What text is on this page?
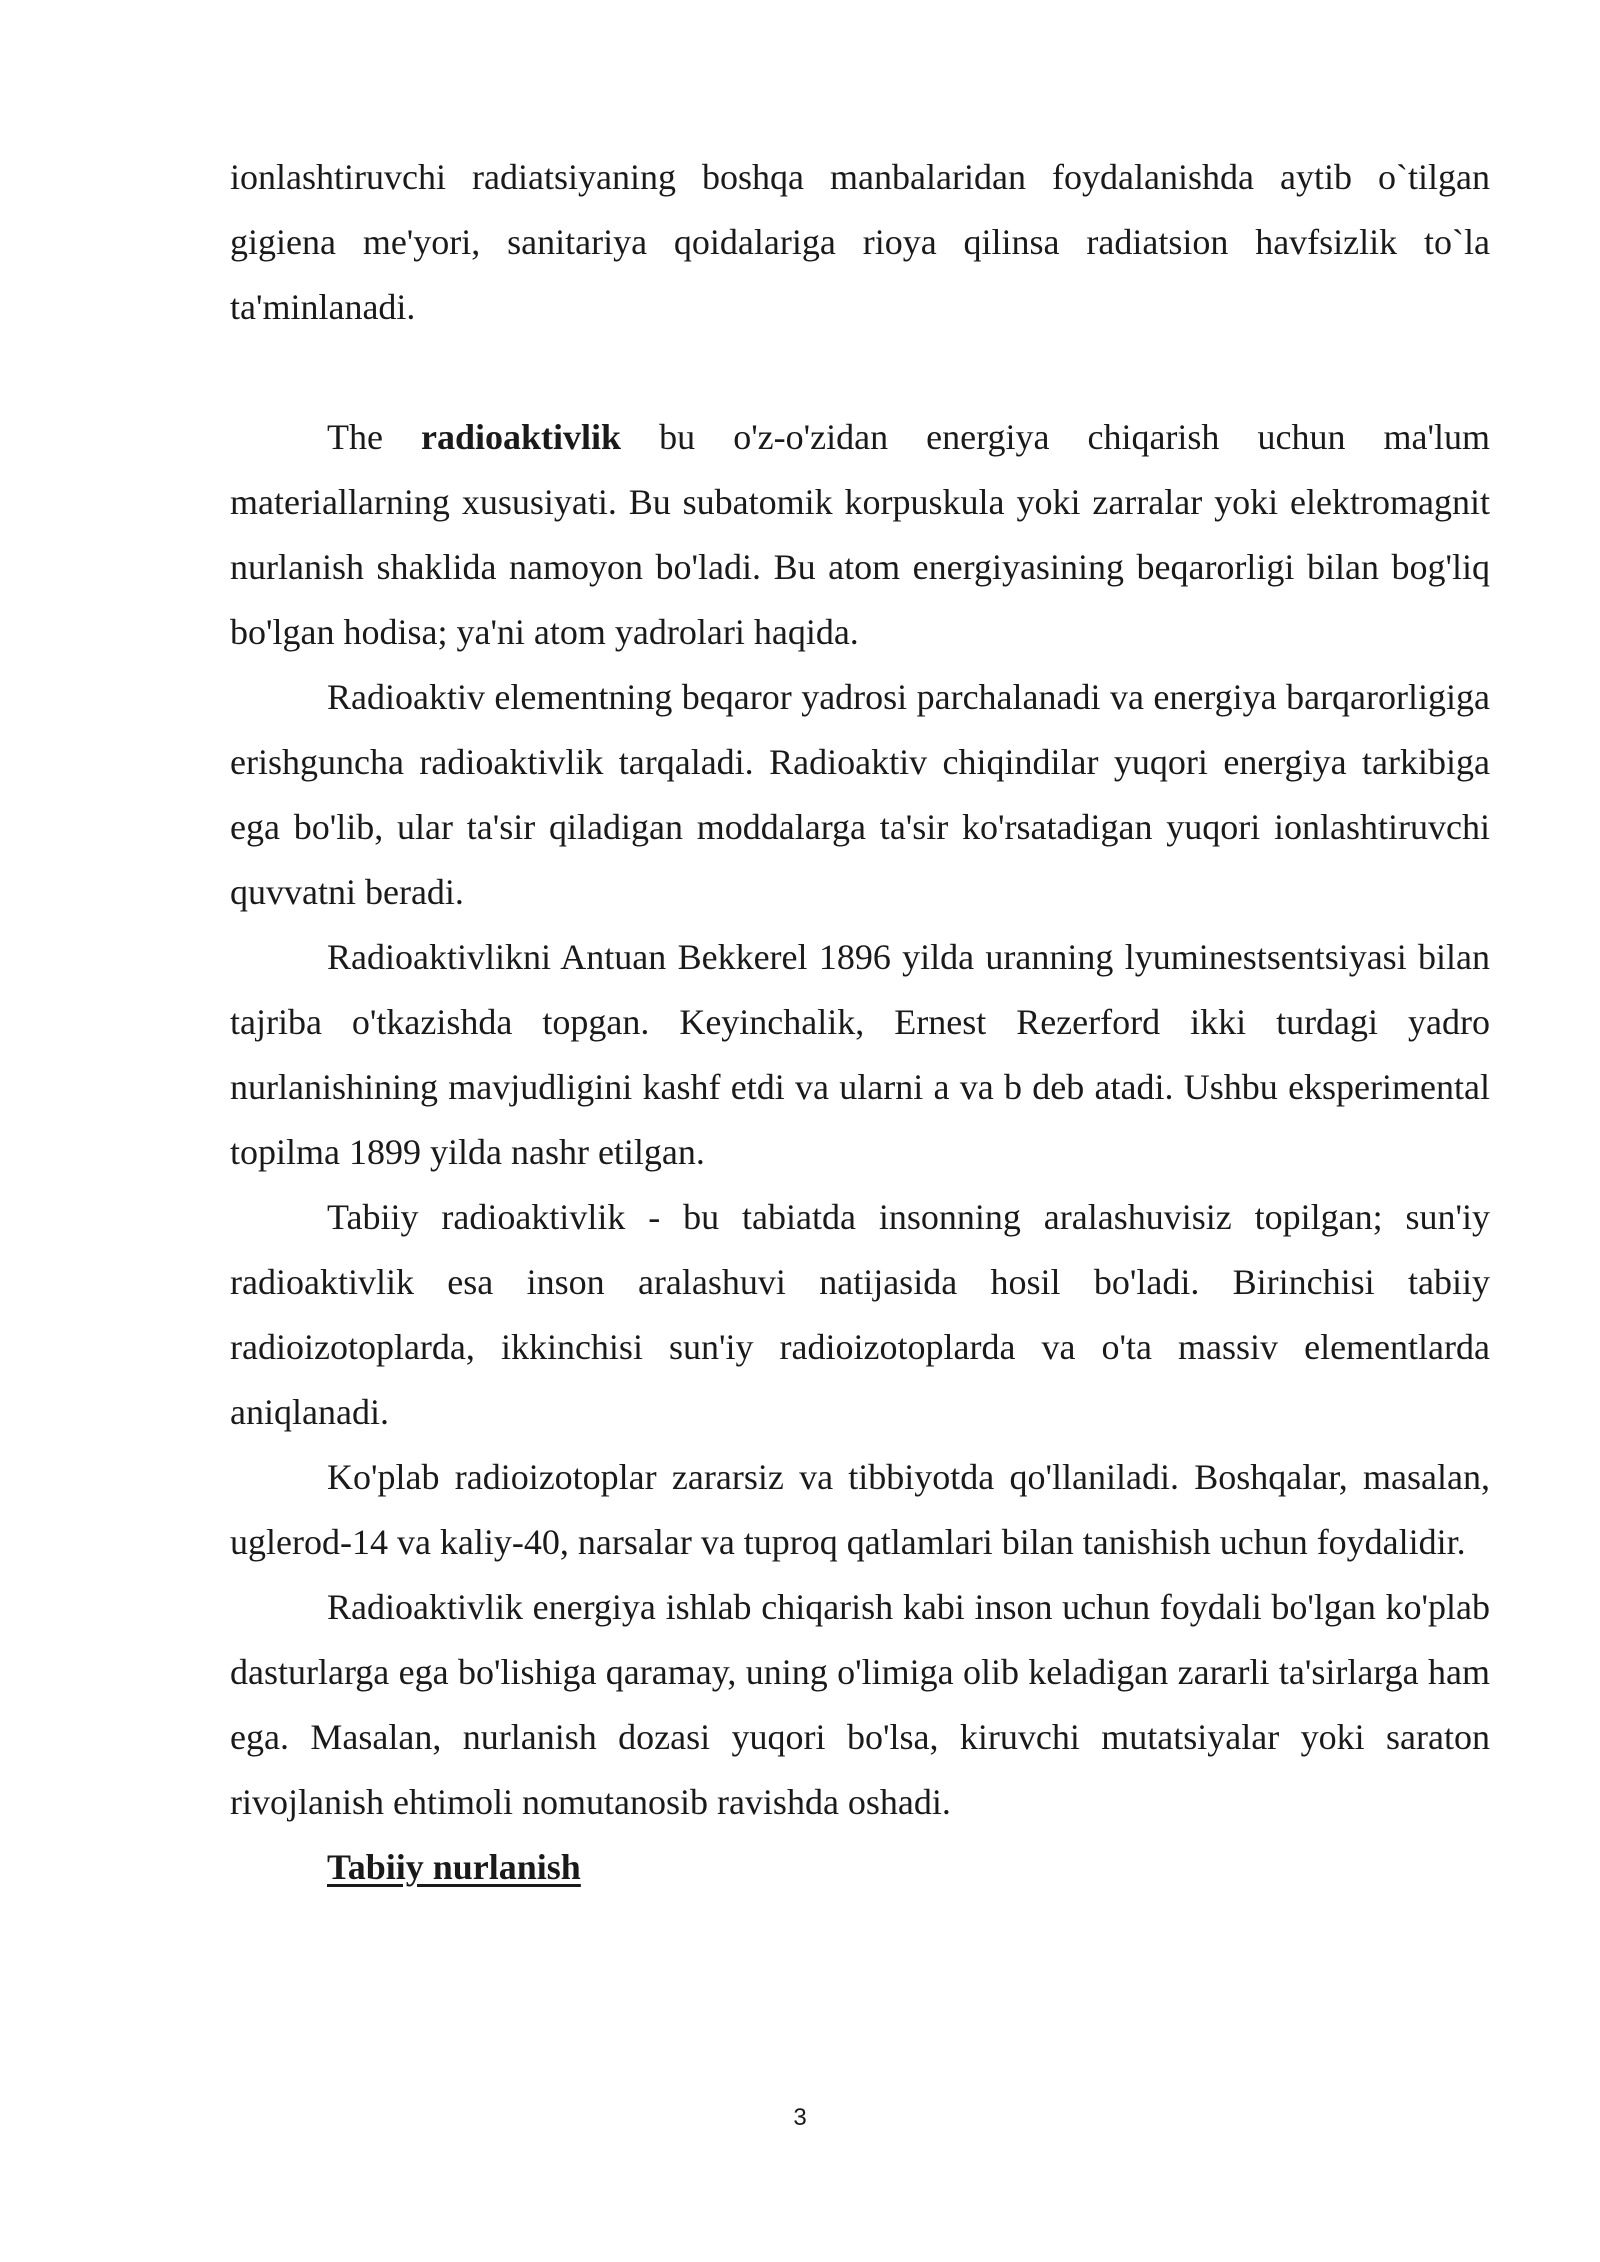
ionlashtiruvchi radiatsiyaning boshqa manbalaridan foydalanishda aytib o`tilgan gigiena me'yori, sanitariya qoidalariga rioya qilinsa radiatsion havfsizlik to`la ta'minlanadi.

The radioaktivlik bu o'z-o'zidan energiya chiqarish uchun ma'lum materiallarning xususiyati. Bu subatomik korpuskula yoki zarralar yoki elektromagnit nurlanish shaklida namoyon bo'ladi. Bu atom energiyasining beqarorligi bilan bog'liq bo'lgan hodisa; ya'ni atom yadrolari haqida.

Radioaktiv elementning beqaror yadrosi parchalanadi va energiya barqarorligiga erishguncha radioaktivlik tarqaladi. Radioaktiv chiqindilar yuqori energiya tarkibiga ega bo'lib, ular ta'sir qiladigan moddalarga ta'sir ko'rsatadigan yuqori ionlashtiruvchi quvvatni beradi.

Radioaktivlikni Antuan Bekkerel 1896 yilda uranning lyuminestsentsiyasi bilan tajriba o'tkazishda topgan. Keyinchalik, Ernest Rezerford ikki turdagi yadro nurlanishining mavjudligini kashf etdi va ularni a va b deb atadi. Ushbu eksperimental topilma 1899 yilda nashr etilgan.

Tabiiy radioaktivlik - bu tabiatda insonning aralashuvisiz topilgan; sun'iy radioaktivlik esa inson aralashuvi natijasida hosil bo'ladi. Birinchisi tabiiy radioizotoplarda, ikkinchisi sun'iy radioizotoplarda va o'ta massiv elementlarda aniqlanadi.

Ko'plab radioizotoplar zararsiz va tibbiyotda qo'llaniladi. Boshqalar, masalan, uglerod-14 va kaliy-40, narsalar va tuproq qatlamlari bilan tanishish uchun foydalidir.

Radioaktivlik energiya ishlab chiqarish kabi inson uchun foydali bo'lgan ko'plab dasturlarga ega bo'lishiga qaramay, uning o'limiga olib keladigan zararli ta'sirlarga ham ega. Masalan, nurlanish dozasi yuqori bo'lsa, kiruvchi mutatsiyalar yoki saraton rivojlanish ehtimoli nomutanosib ravishda oshadi.

Tabiiy nurlanish

3
